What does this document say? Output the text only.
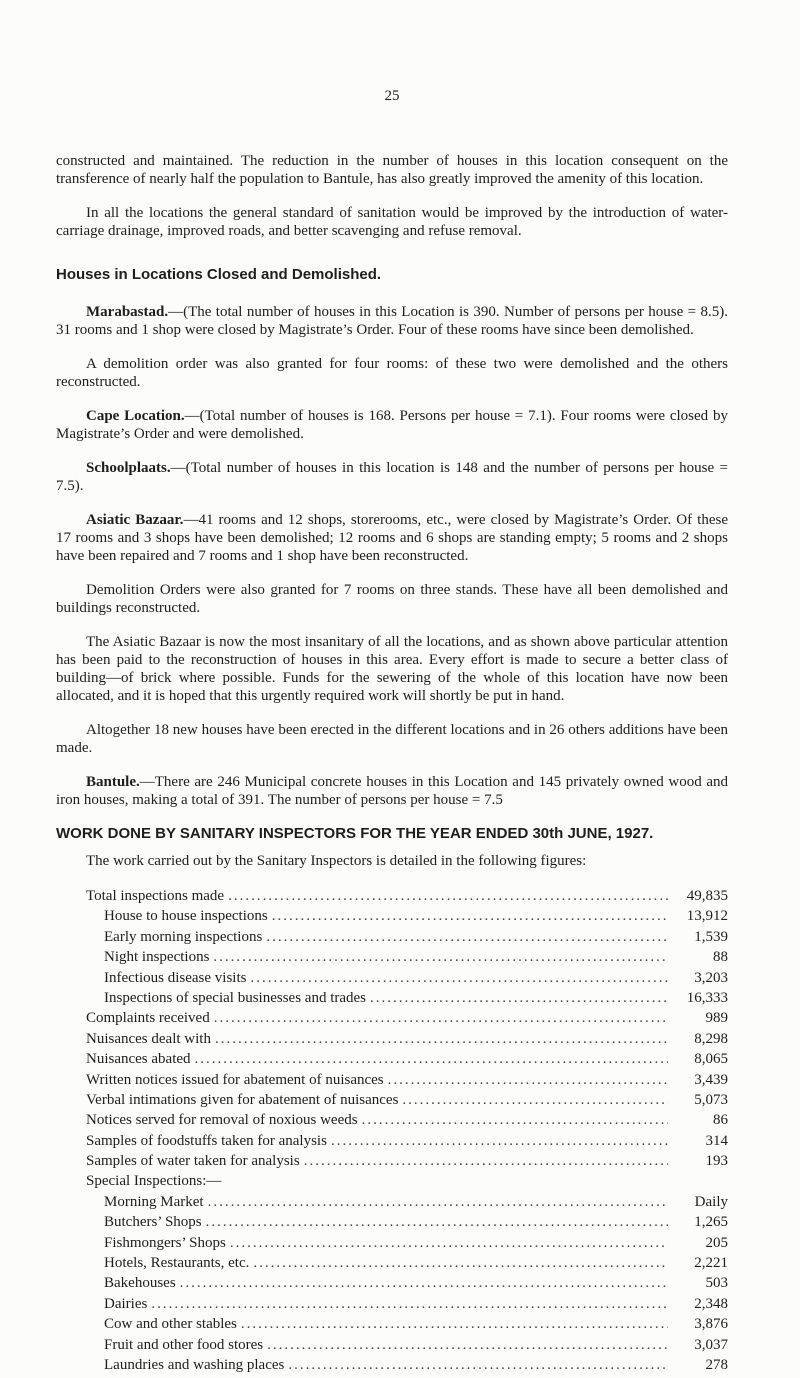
25

constructed and maintained. The reduction in the number of houses in this location consequent on the transference of nearly half the population to Bantule, has also greatly improved the amenity of this location.

In all the locations the general standard of sanitation would be improved by the introduction of water-carriage drainage, improved roads, and better scavenging and refuse removal.

Houses in Locations Closed and Demolished.

Marabastad.—(The total number of houses in this Location is 390. Number of persons per house = 8.5). 31 rooms and 1 shop were closed by Magistrate’s Order. Four of these rooms have since been demolished.

A demolition order was also granted for four rooms: of these two were demolished and the others reconstructed.

Cape Location.—(Total number of houses is 168. Persons per house = 7.1). Four rooms were closed by Magistrate’s Order and were demolished.

Schoolplaats.—(Total number of houses in this location is 148 and the number of persons per house = 7.5).

Asiatic Bazaar.—41 rooms and 12 shops, storerooms, etc., were closed by Magistrate’s Order. Of these 17 rooms and 3 shops have been demolished; 12 rooms and 6 shops are standing empty; 5 rooms and 2 shops have been repaired and 7 rooms and 1 shop have been reconstructed.

Demolition Orders were also granted for 7 rooms on three stands. These have all been demolished and buildings reconstructed.

The Asiatic Bazaar is now the most insanitary of all the locations, and as shown above particular attention has been paid to the reconstruction of houses in this area. Every effort is made to secure a better class of building—of brick where possible. Funds for the sewering of the whole of this location have now been allocated, and it is hoped that this urgently required work will shortly be put in hand.

Altogether 18 new houses have been erected in the different locations and in 26 others additions have been made.

Bantule.—There are 246 Municipal concrete houses in this Location and 145 privately owned wood and iron houses, making a total of 391. The number of persons per house = 7.5

WORK DONE BY SANITARY INSPECTORS FOR THE YEAR ENDED 30th JUNE, 1927.
The work carried out by the Sanitary Inspectors is detailed in the following figures:
Total inspections made .....	49,835
House to house inspections .....	13,912
Early morning inspections .....	1,539
Night inspections .....	88
Infectious disease visits .....	3,203
Inspections of special businesses and trades .....	16,333
Complaints received .....	989
Nuisances dealt with .....	8,298
Nuisances abated .....	8,065
Written notices issued for abatement of nuisances .....	3,439
Verbal intimations given for abatement of nuisances .....	5,073
Notices served for removal of noxious weeds .....	86
Samples of foodstuffs taken for analysis .....	314
Samples of water taken for analysis .....	193
Special Inspections:—
Morning Market .....	Daily
Butchers’ Shops .....	1,265
Fishmongers’ Shops .....	205
Hotels, Restaurants, etc. .....	2,221
Bakehouses .....	503
Dairies .....	2,348
Cow and other stables .....	3,876
Fruit and other food stores .....	3,037
Laundries and washing places .....	278
